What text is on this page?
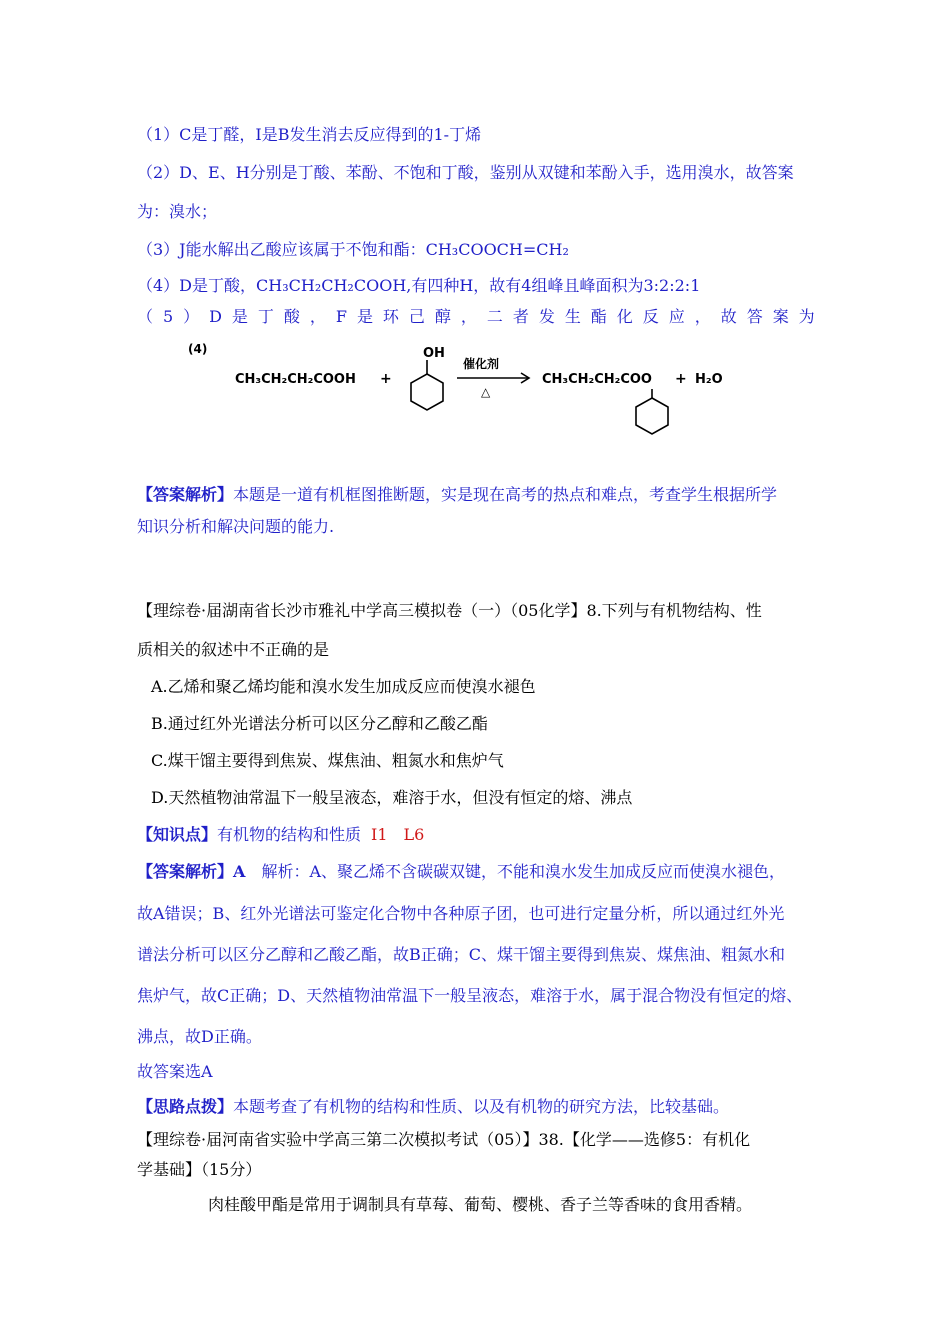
（1）C是丁醛，I是B发生消去反应得到的1-丁烯
（2）D、E、H分别是丁酸、苯酚、不饱和丁酸，鉴别从双键和苯酚入手，选用溴水，故答案
为：溴水；
（3）J能水解出乙酸应该属于不饱和酯：CH₃COOCH=CH₂
（4）D是丁酸，CH₃CH₂CH₂COOH,有四种H，故有4组峰且峰面积为3:2:2:1
（ 5 ） D 是 丁 酸 ， F 是 环 己 醇 ， 二 者 发 生 酯 化 反 应 ， 故 答 案 为
(4)
CH₃CH₂CH₂COOH +
OH
催化剂
△
CH₃CH₂CH₂COO + H₂O
【答案解析】本题是一道有机框图推断题，实是现在高考的热点和难点，考查学生根据所学
知识分析和解决问题的能力.
【理综卷·届湖南省长沙市雅礼中学高三模拟卷（一）（05化学】8.下列与有机物结构、性
质相关的叙述中不正确的是
A.乙烯和聚乙烯均能和溴水发生加成反应而使溴水褪色
B.通过红外光谱法分析可以区分乙醇和乙酸乙酯
C.煤干馏主要得到焦炭、煤焦油、粗氮水和焦炉气
D.天然植物油常温下一般呈液态，难溶于水，但没有恒定的熔、沸点
【知识点】有机物的结构和性质 I1　L6
【答案解析】A　解析：A、聚乙烯不含碳碳双键，不能和溴水发生加成反应而使溴水褪色，
故A错误；B、红外光谱法可鉴定化合物中各种原子团，也可进行定量分析，所以通过红外光
谱法分析可以区分乙醇和乙酸乙酯，故B正确；C、煤干馏主要得到焦炭、煤焦油、粗氮水和
焦炉气，故C正确；D、天然植物油常温下一般呈液态，难溶于水，属于混合物没有恒定的熔、
沸点，故D正确。
故答案选A
【思路点拨】本题考查了有机物的结构和性质、以及有机物的研究方法，比较基础。
【理综卷·届河南省实验中学高三第二次模拟考试（05）】38.【化学——选修5：有机化
学基础】（15分）
肉桂酸甲酯是常用于调制具有草莓、葡萄、樱桃、香子兰等香味的食用香精。
